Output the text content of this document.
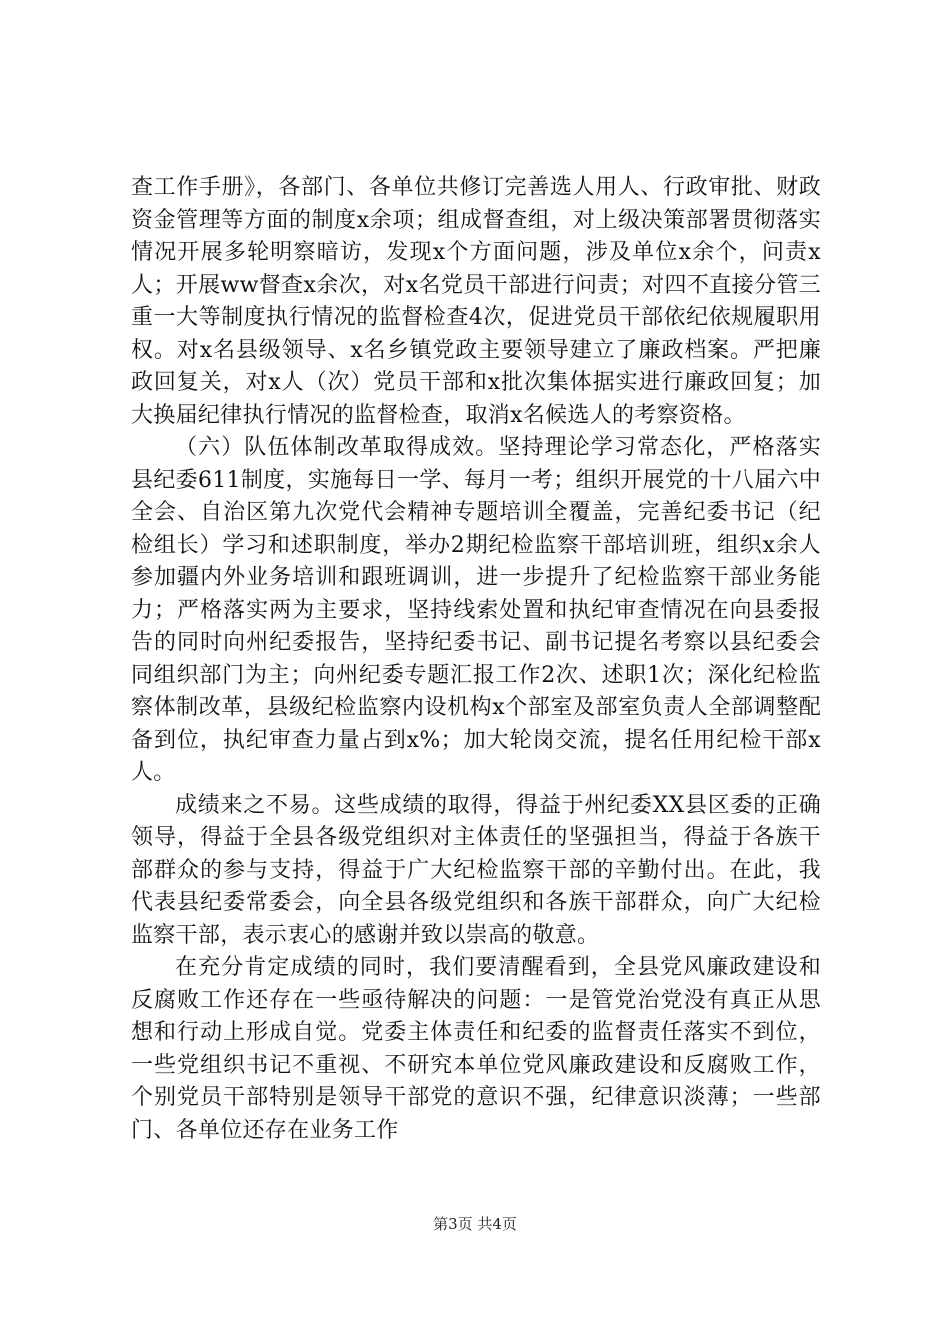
查工作手册》，各部门、各单位共修订完善选人用人、行政审批、财政资金管理等方面的制度x余项；组成督查组，对上级决策部署贯彻落实情况开展多轮明察暗访，发现x个方面问题，涉及单位x余个，问责x人；开展ww督查x余次，对x名党员干部进行问责；对四不直接分管三重一大等制度执行情况的监督检查4次，促进党员干部依纪依规履职用权。对x名县级领导、x名乡镇党政主要领导建立了廉政档案。严把廉政回复关，对x人（次）党员干部和x批次集体据实进行廉政回复；加大换届纪律执行情况的监督检查，取消x名候选人的考察资格。

（六）队伍体制改革取得成效。坚持理论学习常态化，严格落实县纪委611制度，实施每日一学、每月一考；组织开展党的十八届六中全会、自治区第九次党代会精神专题培训全覆盖，完善纪委书记（纪检组长）学习和述职制度，举办2期纪检监察干部培训班，组织x余人参加疆内外业务培训和跟班调训，进一步提升了纪检监察干部业务能力；严格落实两为主要求，坚持线索处置和执纪审查情况在向县委报告的同时向州纪委报告，坚持纪委书记、副书记提名考察以县纪委会同组织部门为主；向州纪委专题汇报工作2次、述职1次；深化纪检监察体制改革，县级纪检监察内设机构x个部室及部室负责人全部调整配备到位，执纪审查力量占到x%；加大轮岗交流，提名任用纪检干部x人。

成绩来之不易。这些成绩的取得，得益于州纪委XX县区委的正确领导，得益于全县各级党组织对主体责任的坚强担当，得益于各族干部群众的参与支持，得益于广大纪检监察干部的辛勤付出。在此，我代表县纪委常委会，向全县各级党组织和各族干部群众，向广大纪检监察干部，表示衷心的感谢并致以崇高的敬意。

在充分肯定成绩的同时，我们要清醒看到，全县党风廉政建设和反腐败工作还存在一些亟待解决的问题：一是管党治党没有真正从思想和行动上形成自觉。党委主体责任和纪委的监督责任落实不到位，一些党组织书记不重视、不研究本单位党风廉政建设和反腐败工作，个别党员干部特别是领导干部党的意识不强，纪律意识淡薄；一些部门、各单位还存在业务工作

第3页 共4页
